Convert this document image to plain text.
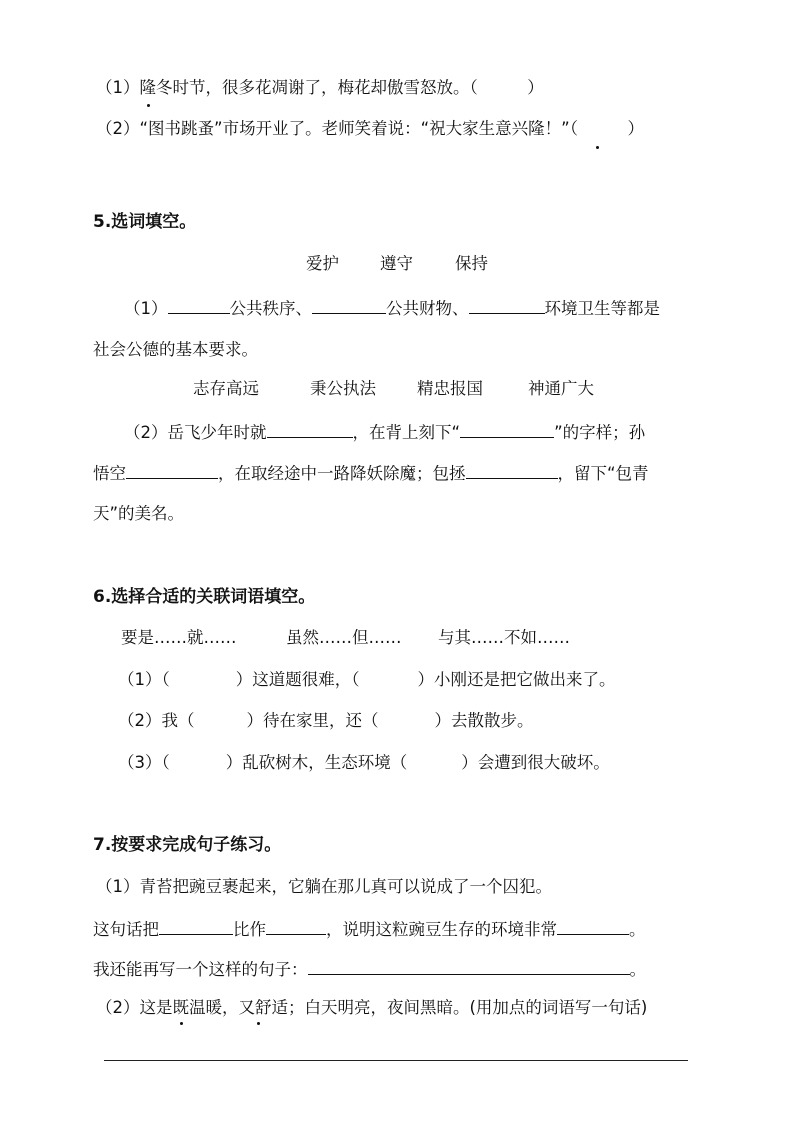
（1）隆冬时节，很多花凋谢了，梅花却傲雪怒放。（　　　）
（2）“图书跳蚤”市场开业了。老师笑着说：“祝大家生意兴隆！”（　　　）
5.选词填空。
爱护 遵守	保持
（1）	公共秩序、	公共财物、	环境卫生等都是
社会公德的基本要求。
志存高远	秉公执法 精忠报国	神通广大
（2）岳飞少年时就	，在背上刻下“	”的字样；孙
悟空	，在取经途中一路降妖除魔；包拯	，留下“包青
天”的美名。
6.选择合适的关联词语填空。
要是……就……	虽然……但…… 与其……不如……
（1）（	）这道题很难，（	）小刚还是把它做出来了。
（2）我（	）待在家里，还（	）去散散步。
（3）（	）乱砍树木，生态环境（	）会遭到很大破坏。
7.按要求完成句子练习。
（1）青苔把豌豆裹起来，它躺在那儿真可以说成了一个囚犯。
这句话把	比作	，说明这粒豌豆生存的环境非常	。
我还能再写一个这样的句子：	。
（2）这是既温暖，又舒适；白天明亮，夜间黑暗。(用加点的词语写一句话)
